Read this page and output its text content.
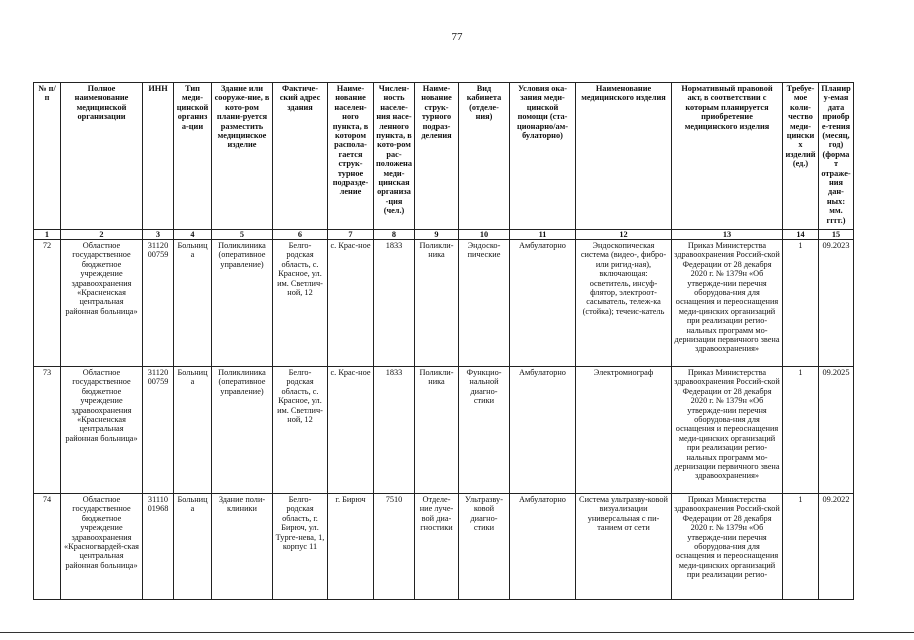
77
№ п/п	Полное наименование медицинской организации	ИНН	Тип меди-цинской организа-ции	Здание или сооруже-ние, в кото-ром плани-руется разместить медицинское изделие	Фактиче-ский адрес здания	Наиме-нование населен-ного пункта, в котором распола-гается струк-турное подразде-ление	Числен-ность населе-ния насе-ленного пункта, в кото-ром рас-положена меди-цинская организа-ция (чел.)	Наиме-нование струк-турного подраз-деления	Вид кабинета (отделе-ния)	Условия ока-зания меди-цинской помощи (ста-ционарно/ам-булаторно)	Наименование медицинского изделия	Нормативный правовой акт, в соответствии с которым планируется приобретение медицинского изделия	Требуе-мое коли-чество меди-цинских изделий (ед.)	Планиру-емая дата приобре-тения (месяц, год) (формат отраже-ния дан-ных: мм. гггг.)
1	2	3	4	5	6	7	8	9	10	11	12	13	14	15
72	Областное государственное бюджетное учреждение здравоохранения «Красненская центральная районная больница»	31120 00759	Больница	Поликлиника (оперативное управление)	Белго-родская область, с. Красное, ул. им. Светлич-ной, 12	с. Крас-ное	1833	Поликли-ника	Эндоско-пические	Амбулаторно	Эндоскопическая система (видео-, фибро- или ригид-ная), включающая: осветитель, инсуф-флятор, электроот-сасыватель, тележ-ка (стойка); течеис-катель	Приказ Министерства здравоохранения Россий-ской Федерации от 28 декабря 2020 г. № 1379н «Об утвержде-нии перечня оборудова-ния для оснащения и переоснащения меди-цинских организаций при реализации регио-нальных программ мо-дернизации первичного звена здравоохранения»	1	09.2023
73	Областное государственное бюджетное учреждение здравоохранения «Красненская центральная районная больница»	31120 00759	Больница	Поликлиника (оперативное управление)	Белго-родская область, с. Красное, ул. им. Светлич-ной, 12	с. Крас-ное	1833	Поликли-ника	Функцио-нальной диагно-стики	Амбулаторно	Электромиограф	Приказ Министерства здравоохранения Россий-ской Федерации от 28 декабря 2020 г. № 1379н «Об утвержде-нии перечня оборудова-ния для оснащения и переоснащения меди-цинских организаций при реализации регио-нальных программ мо-дернизации первичного звена здравоохранения»	1	09.2025
74	Областное государственное бюджетное учреждение здравоохранения «Красногвардей-ская центральная районная больница»	31110 01968	Больница	Здание поли-клиники	Белго-родская область, г. Бирюч, ул. Турге-нева, 1, корпус 11	г. Бирюч	7510	Отделе-ние луче-вой диа-гностики	Ультразву-ковой диагно-стики	Амбулаторно	Система ультразву-ковой визуализации универсальная с пи-танием от сети	Приказ Министерства здравоохранения Россий-ской Федерации от 28 декабря 2020 г. № 1379н «Об утвержде-нии перечня оборудова-ния для оснащения и переоснащения меди-цинских организаций при реализации регио-	1	09.2022
